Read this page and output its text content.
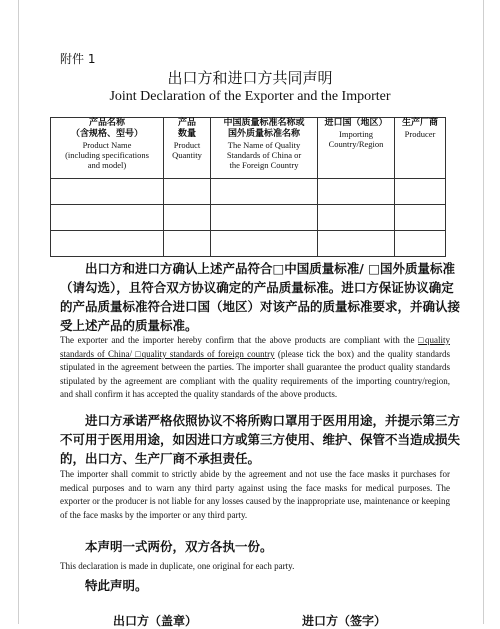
附件 1
出口方和进口方共同声明
Joint Declaration of the Exporter and the Importer
产品名称
（含规格、型号）
Product Name
(including specifications
and model)	产品
数量
Product
Quantity	中国质量标准名称或
国外质量标准名称
The Name of Quality
Standards of China or
the Foreign Country	进口国（地区）
Importing
Country/Region	生产厂商
Producer

出口方和进口方确认上述产品符合□中国质量标准/ □国外质量标准（请勾选），且符合双方协议确定的产品质量标准。进口方保证协议确定的产品质量标准符合进口国（地区）对该产品的质量标准要求，并确认接受上述产品的质量标准。

The exporter and the importer hereby confirm that the above products are compliant with the □quality standards of China/ □quality standards of foreign country (please tick the box) and the quality standards stipulated in the agreement between the parties. The importer shall guarantee the product quality standards stipulated by the agreement are compliant with the quality requirements of the importing country/region, and shall confirm it has accepted the quality standards of the above products.

进口方承诺严格依照协议不将所购口罩用于医用用途，并提示第三方不可用于医用用途，如因进口方或第三方使用、维护、保管不当造成损失的，出口方、生产厂商不承担责任。

The importer shall commit to strictly abide by the agreement and not use the face masks it purchases for medical purposes and to warn any third party against using the face masks for medical purposes. The exporter or the producer is not liable for any losses caused by the inappropriate use, maintenance or keeping of the face masks by the importer or any third party.

本声明一式两份，双方各执一份。

This declaration is made in duplicate, one original for each party.

特此声明。

出口方（盖章）	进口方（签字）
